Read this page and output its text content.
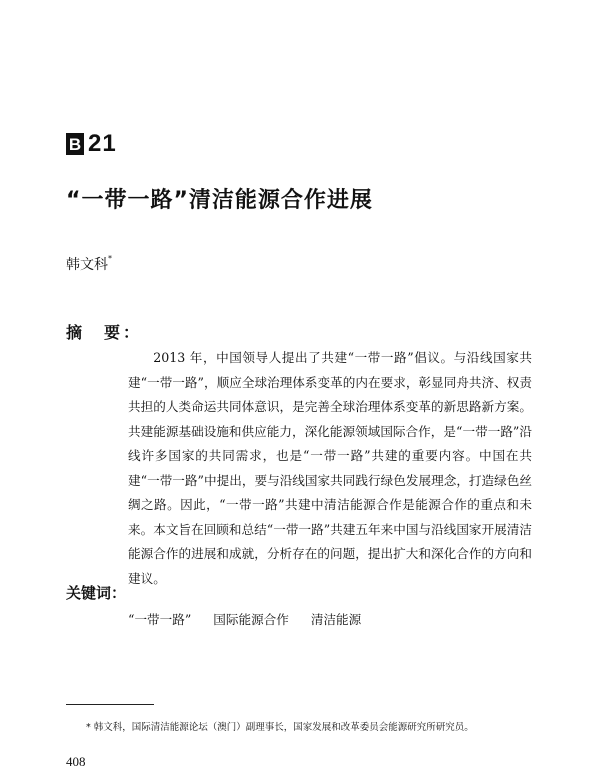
B 21
“一带一路”清洁能源合作进展
韩文科*
摘　要：
2013 年，中国领导人提出了共建“一带一路”倡议。与沿线国家共建“一带一路”，顺应全球治理体系变革的内在要求，彰显同舟共济、权责共担的人类命运共同体意识，是完善全球治理体系变革的新思路新方案。共建能源基础设施和供应能力，深化能源领域国际合作，是“一带一路”沿线许多国家的共同需求，也是“一带一路”共建的重要内容。中国在共建“一带一路”中提出，要与沿线国家共同践行绿色发展理念，打造绿色丝绸之路。因此，“一带一路”共建中清洁能源合作是能源合作的重点和未来。本文旨在回顾和总结“一带一路”共建五年来中国与沿线国家开展清洁能源合作的进展和成就，分析存在的问题，提出扩大和深化合作的方向和建议。
关键词：
“一带一路” 国际能源合作 清洁能源
* 韩文科，国际清洁能源论坛（澳门）副理事长，国家发展和改革委员会能源研究所研究员。
408
